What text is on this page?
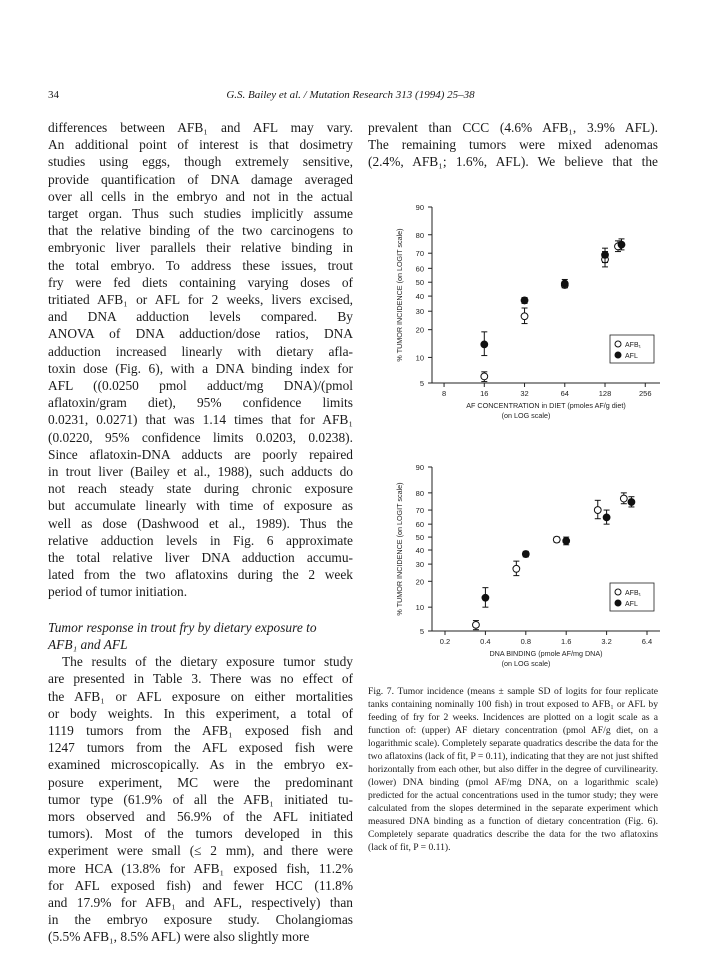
34	G.S. Bailey et al. / Mutation Research 313 (1994) 25–38
differences between AFB₁ and AFL may vary.
An additional point of interest is that dosimetry
studies using eggs, though extremely sensitive,
provide quantification of DNA damage averaged
over all cells in the embryo and not in the actual
target organ. Thus such studies implicitly assume
that the relative binding of the two carcinogens to
embryonic liver parallels their relative binding in
the total embryo. To address these issues, trout
fry were fed diets containing varying doses of
tritiated AFB₁ or AFL for 2 weeks, livers excised,
and DNA adduction levels compared. By
ANOVA of DNA adduction/dose ratios, DNA
adduction increased linearly with dietary afla-
toxin dose (Fig. 6), with a DNA binding index for
AFL ((0.0250 pmol adduct/mg DNA)/(pmol
aflatoxin/gram diet), 95% confidence limits
0.0231, 0.0271) that was 1.14 times that for AFB₁
(0.0220, 95% confidence limits 0.0203, 0.0238).
Since aflatoxin-DNA adducts are poorly repaired
in trout liver (Bailey et al., 1988), such adducts do
not reach steady state during chronic exposure
but accumulate linearly with time of exposure as
well as dose (Dashwood et al., 1989). Thus the
relative adduction levels in Fig. 6 approximate
the total relative liver DNA adduction accumu-
lated from the two aflatoxins during the 2 week
period of tumor initiation.
Tumor response in trout fry by dietary exposure to
AFB₁ and AFL
The results of the dietary exposure tumor study
are presented in Table 3. There was no effect of
the AFB₁ or AFL exposure on either mortalities
or body weights. In this experiment, a total of
1119 tumors from the AFB₁ exposed fish and
1247 tumors from the AFL exposed fish were
examined microscopically. As in the embryo ex-
posure experiment, MC were the predominant
tumor type (61.9% of all the AFB₁ initiated tu-
mors observed and 56.9% of the AFL initiated
tumors). Most of the tumors developed in this
experiment were small (≤ 2 mm), and there were
more HCA (13.8% for AFB₁ exposed fish, 11.2%
for AFL exposed fish) and fewer HCC (11.8%
and 17.9% for AFB₁ and AFL, respectively) than
in the embryo exposure study. Cholangiomas
(5.5% AFB₁, 8.5% AFL) were also slightly more
prevalent than CCC (4.6% AFB₁, 3.9% AFL).
The remaining tumors were mixed adenomas
(2.4%, AFB₁; 1.6%, AFL). We believe that the
5
10
20
30
40
50
60
70
80
90
8	16	32	64	128	256
% TUMOR INCIDENCE (on LOGIT scale)
AF CONCENTRATION in DIET (pmoles AF/g diet)
(on LOG scale)
AFB₁
AFL
5
10
20
30
40
50
60
70
80
90
0.2	0.4	0.8	1.6	3.2	6.4
% TUMOR INCIDENCE (on LOGIT scale)
DNA BINDING (pmole AF/mg DNA)
(on LOG scale)
AFB₁
AFL
Fig. 7. Tumor incidence (means ± sample SD of logits for four replicate tanks containing nominally 100 fish) in trout exposed to AFB₁ or AFL by feeding of fry for 2 weeks. Incidences are plotted on a logit scale as a function of: (upper) AF dietary concentration (pmol AF/g diet, on a logarithmic scale). Completely separate quadratics describe the data for the two aflatoxins (lack of fit, P = 0.11), indicating that they are not just shifted horizontally from each other, but also differ in the degree of curvilinearity. (lower) DNA binding (pmol AF/mg DNA, on a logarithmic scale) predicted for the actual concentrations used in the tumor study; they were calculated from the slopes determined in the separate experiment which measured DNA binding as a function of dietary concentration (Fig. 6). Completely separate quadratics describe the data for the two aflatoxins (lack of fit, P = 0.11).
